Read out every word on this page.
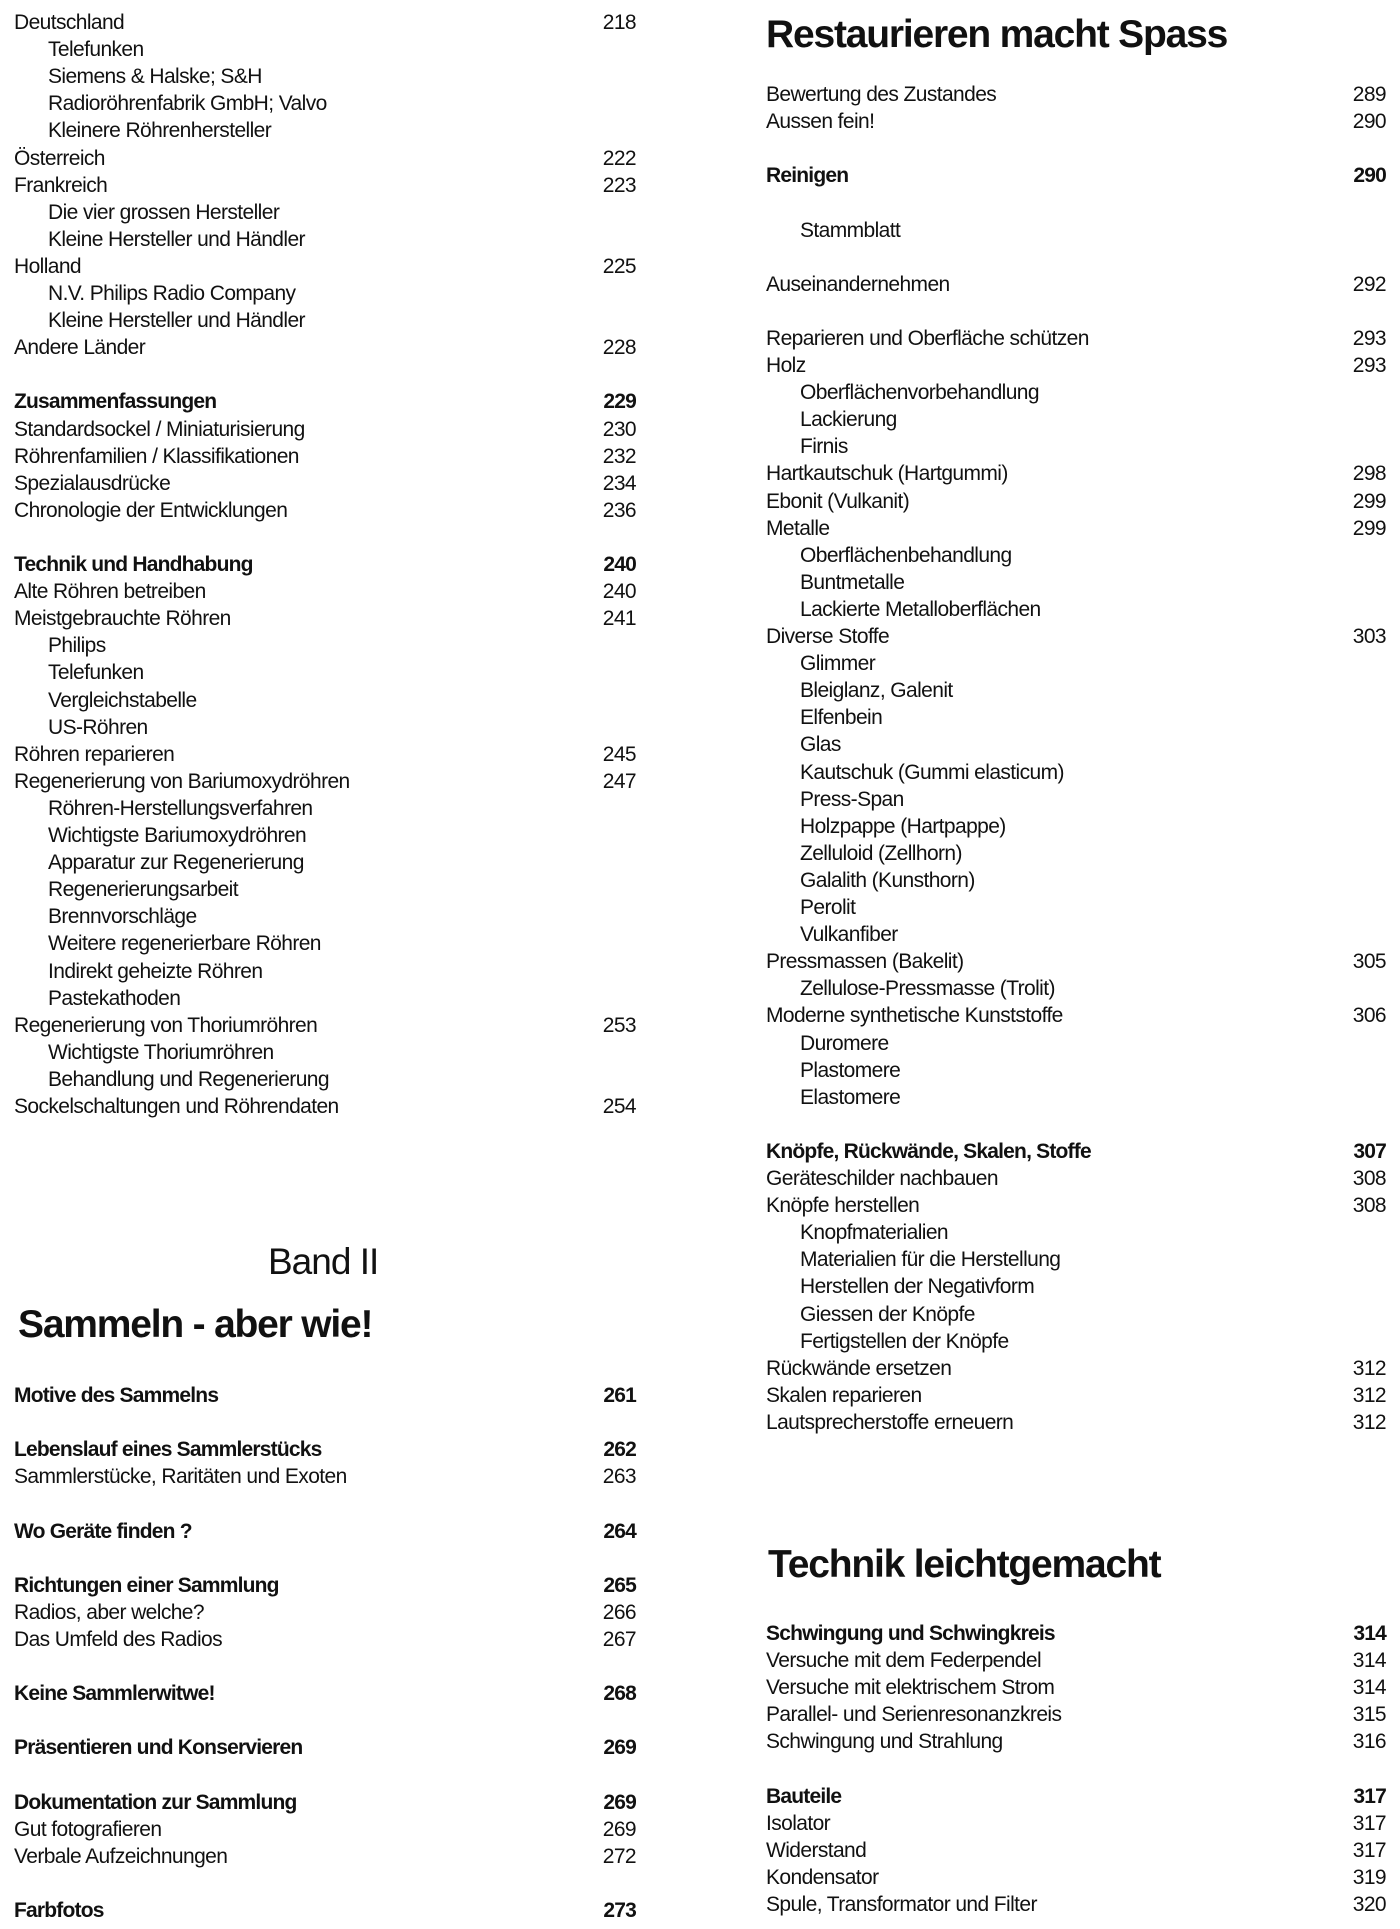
Deutschland	218
Telefunken
Siemens & Halske; S&H
Radioröhrenfabrik GmbH; Valvo
Kleinere Röhrenhersteller
Österreich	222
Frankreich	223
Die vier grossen Hersteller
Kleine Hersteller und Händler
Holland	225
N.V. Philips Radio Company
Kleine Hersteller und Händler
Andere Länder	228
Zusammenfassungen	229
Standardsockel / Miniaturisierung	230
Röhrenfamilien / Klassifikationen	232
Spezialausdrücke	234
Chronologie der Entwicklungen	236
Technik und Handhabung	240
Alte Röhren betreiben	240
Meistgebrauchte Röhren	241
Philips
Telefunken
Vergleichstabelle
US-Röhren
Röhren reparieren	245
Regenerierung von Bariumoxydröhren	247
Röhren-Herstellungsverfahren
Wichtigste Bariumoxydröhren
Apparatur zur Regenerierung
Regenerierungsarbeit
Brennvorschläge
Weitere regenerierbare Röhren
Indirekt geheizte Röhren
Pastekathoden
Regenerierung von Thoriumröhren	253
Wichtigste Thoriumröhren
Behandlung und Regenerierung
Sockelschaltungen und Röhrendaten	254
Band II
Sammeln - aber wie!
Motive des Sammelns	261
Lebenslauf eines Sammlerstücks	262
Sammlerstücke, Raritäten und Exoten	263
Wo Geräte finden ?	264
Richtungen einer Sammlung	265
Radios, aber welche?	266
Das Umfeld des Radios	267
Keine Sammlerwitwe!	268
Präsentieren und Konservieren	269
Dokumentation zur Sammlung	269
Gut fotografieren	269
Verbale Aufzeichnungen	272
Farbfotos	273
Restaurieren macht Spass
Bewertung des Zustandes	289
Aussen fein!	290
Reinigen	290
Stammblatt
Auseinandernehmen	292
Reparieren und Oberfläche schützen	293
Holz	293
Oberflächenvorbehandlung
Lackierung
Firnis
Hartkautschuk (Hartgummi)	298
Ebonit (Vulkanit)	299
Metalle	299
Oberflächenbehandlung
Buntmetalle
Lackierte Metalloberflächen
Diverse Stoffe	303
Glimmer
Bleiglanz, Galenit
Elfenbein
Glas
Kautschuk (Gummi elasticum)
Press-Span
Holzpappe (Hartpappe)
Zelluloid (Zellhorn)
Galalith (Kunsthorn)
Perolit
Vulkanfiber
Pressmassen (Bakelit)	305
Zellulose-Pressmasse (Trolit)
Moderne synthetische Kunststoffe	306
Duromere
Plastomere
Elastomere
Knöpfe, Rückwände, Skalen, Stoffe	307
Geräteschilder nachbauen	308
Knöpfe herstellen	308
Knopfmaterialien
Materialien für die Herstellung
Herstellen der Negativform
Giessen der Knöpfe
Fertigstellen der Knöpfe
Rückwände ersetzen	312
Skalen reparieren	312
Lautsprecherstoffe erneuern	312
Technik leichtgemacht
Schwingung und Schwingkreis	314
Versuche mit dem Federpendel	314
Versuche mit elektrischem Strom	314
Parallel- und Serienresonanzkreis	315
Schwingung und Strahlung	316
Bauteile	317
Isolator	317
Widerstand	317
Kondensator	319
Spule, Transformator und Filter	320
